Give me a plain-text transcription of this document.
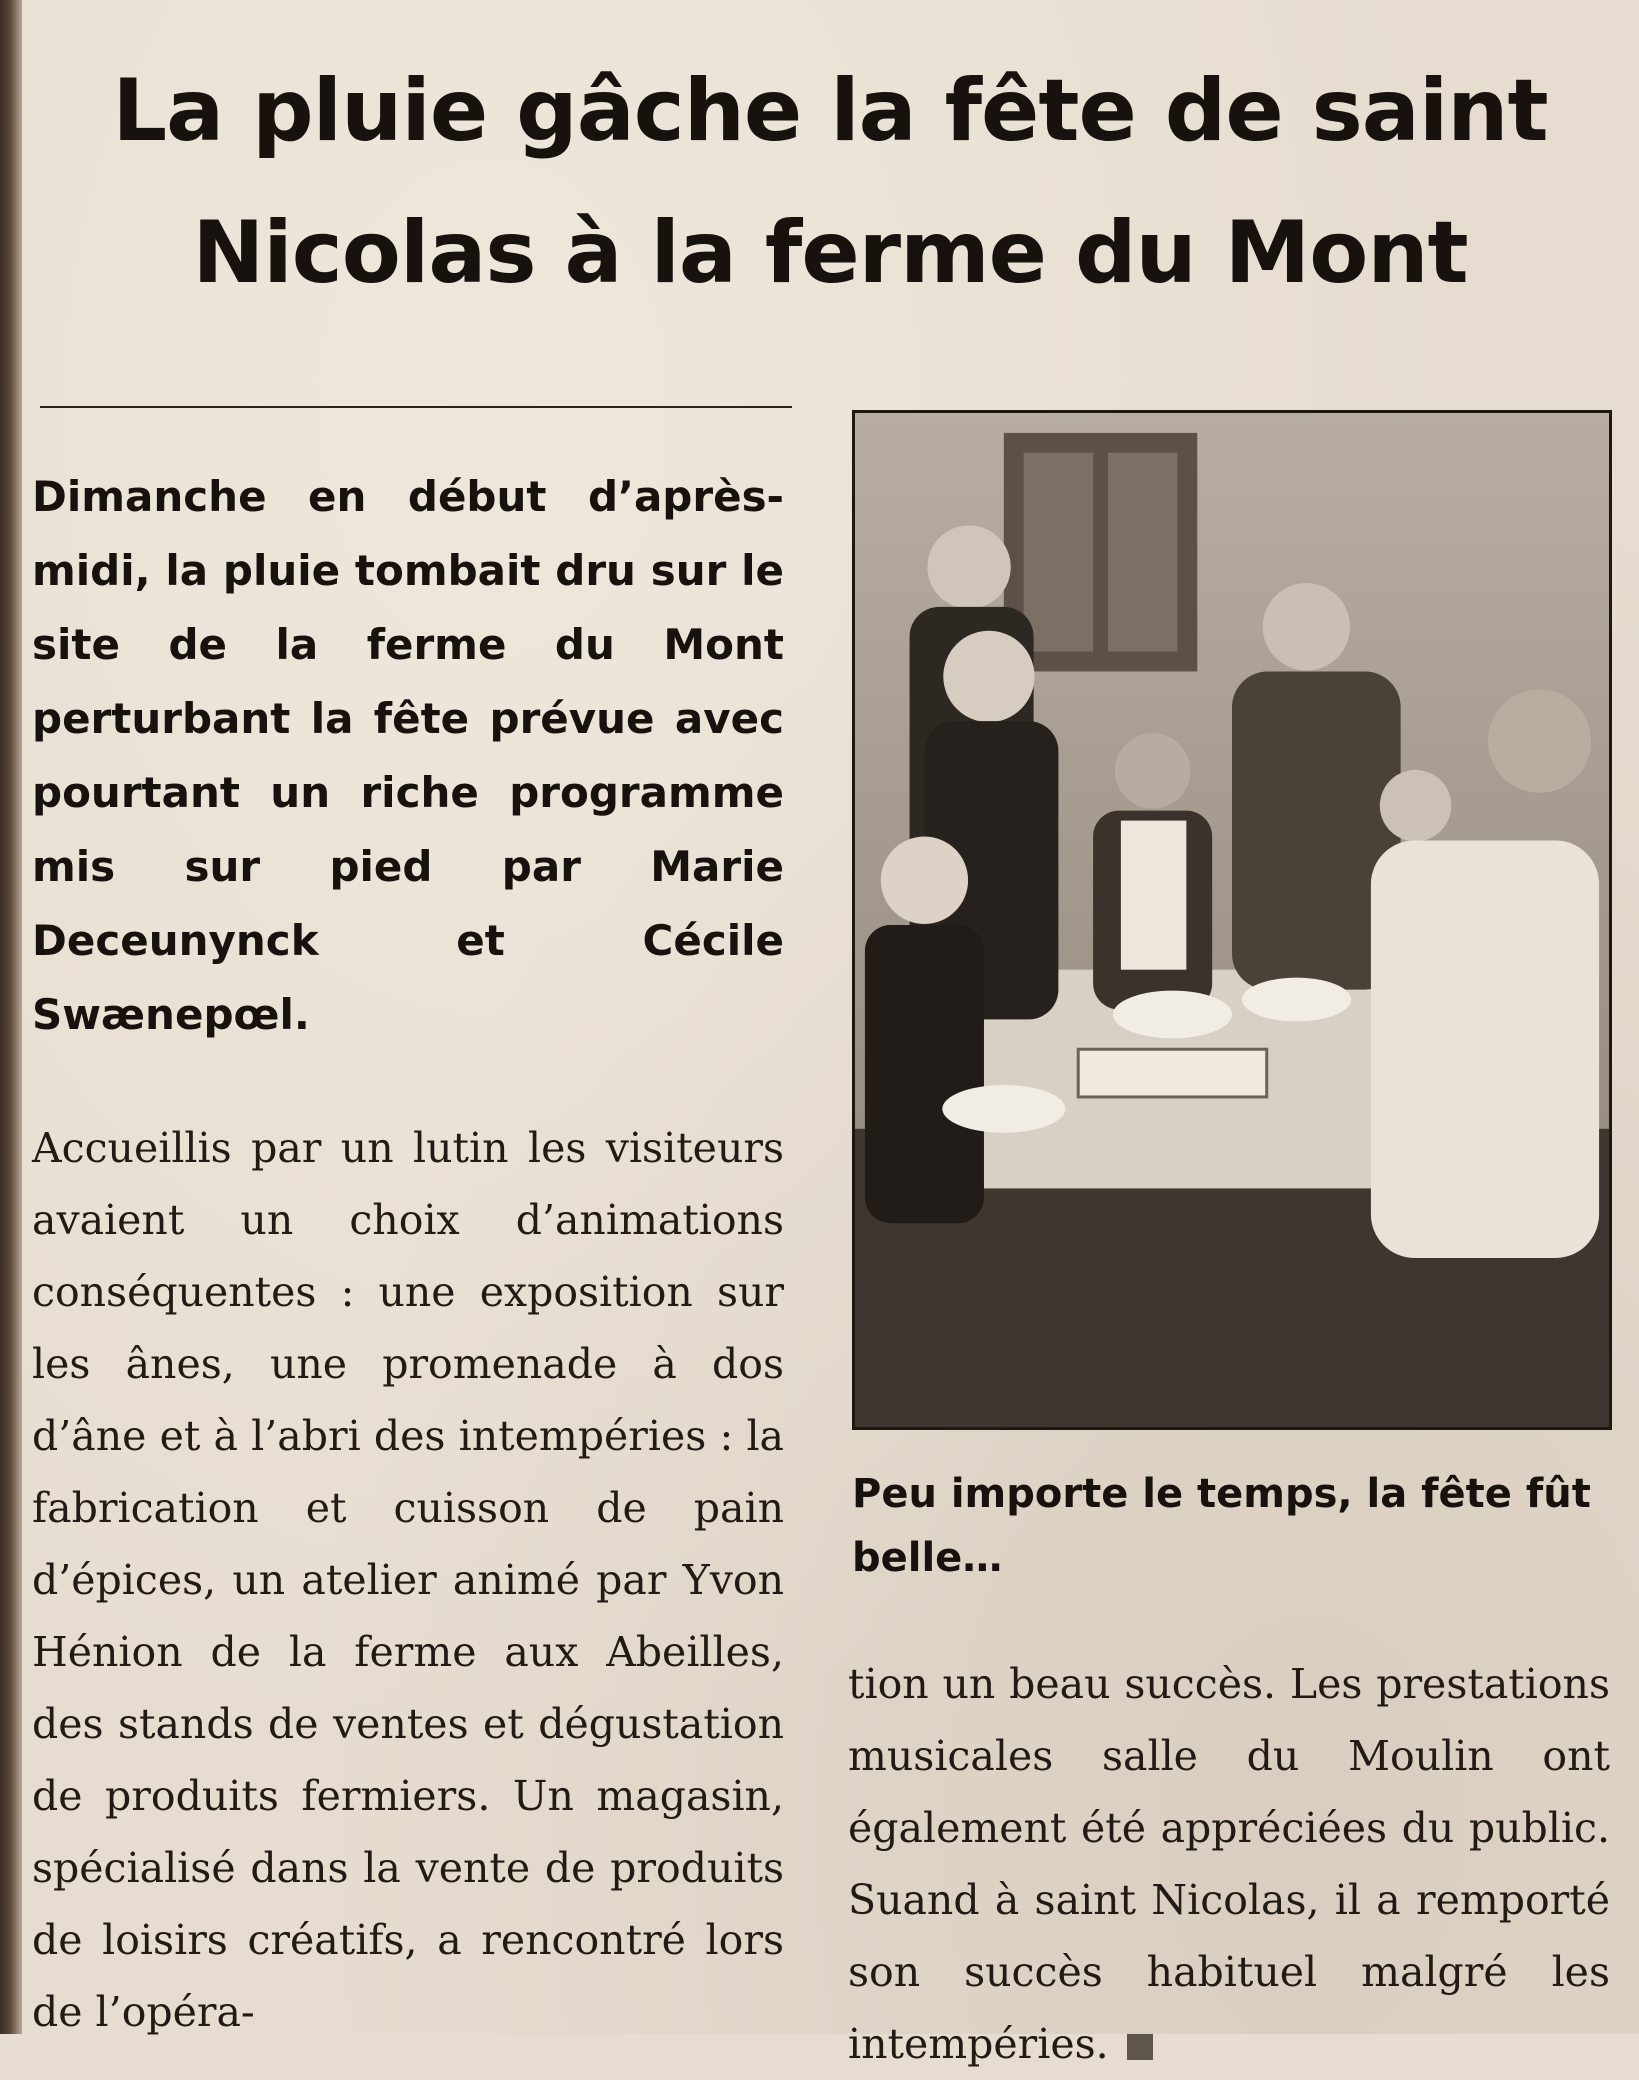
La pluie gâche la fête de saint Nicolas à la ferme du Mont

Dimanche en début d’après-midi, la pluie tombait dru sur le site de la ferme du Mont perturbant la fête prévue avec pourtant un riche programme mis sur pied par Marie Deceunynck et Cécile Swænepœl.

Accueillis par un lutin les visiteurs avaient un choix d’animations conséquentes : une exposition sur les ânes, une promenade à dos d’âne et à l’abri des intempéries : la fabrication et cuisson de pain d’épices, un atelier animé par Yvon Hénion de la ferme aux Abeilles, des stands de ventes et dégustation de produits fermiers. Un magasin, spécialisé dans la vente de produits de loisirs créatifs, a rencontré lors de l’opéra-

Peu importe le temps, la fête fût belle…

tion un beau succès. Les prestations musicales salle du Moulin ont également été appréciées du public. Suand à saint Nicolas, il a remporté son succès habituel malgré les intempéries.
